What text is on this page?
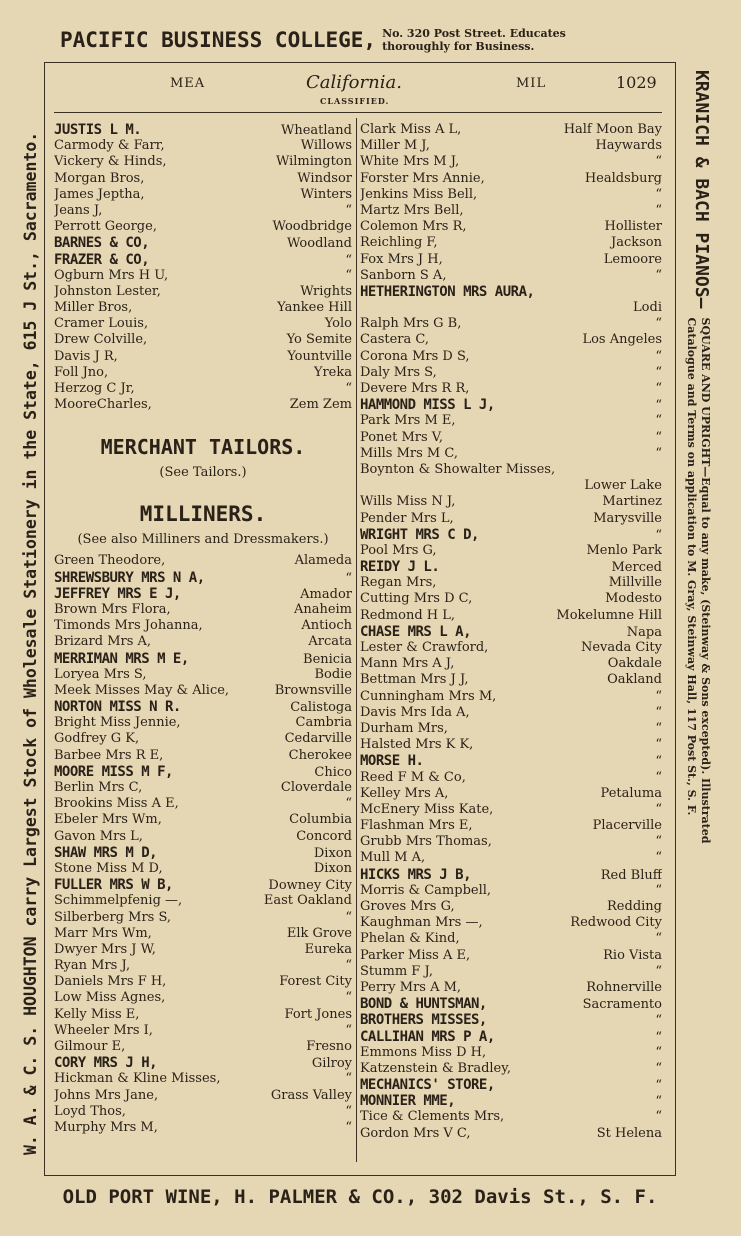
PACIFIC BUSINESS COLLEGE, No. 320 Post Street. Educates
thoroughly for Business.
MEA	California.
CLASSIFIED.
MIL	1029
JUSTIS L M.	Wheatland
Carmody & Farr,	Willows
Vickery & Hinds,	Wilmington
Morgan Bros,	Windsor
James Jeptha,	Winters
Jeans J,	“
Perrott George,	Woodbridge
BARNES & CO,	Woodland
FRAZER & CO,	“
Ogburn Mrs H U,	“
Johnston Lester,	Wrights
Miller Bros,	Yankee Hill
Cramer Louis,	Yolo
Drew Colville,	Yo Semite
Davis J R,	Yountville
Foll Jno,	Yreka
Herzog C Jr,	“
MooreCharles,	Zem Zem
MERCHANT TAILORS.
(See Tailors.)
MILLINERS.
(See also Milliners and Dressmakers.)
Green Theodore,	Alameda
SHREWSBURY MRS N A,	“
JEFFREY MRS E J,	Amador
Brown Mrs Flora,	Anaheim
Timonds Mrs Johanna,	Antioch
Brizard Mrs A,	Arcata
MERRIMAN MRS M E,	Benicia
Loryea Mrs S,	Bodie
Meek Misses May & Alice,	Brownsville
NORTON MISS N R.	Calistoga
Bright Miss Jennie,	Cambria
Godfrey G K,	Cedarville
Barbee Mrs R E,	Cherokee
MOORE MISS M F,	Chico
Berlin Mrs C,	Cloverdale
Brookins Miss A E,	“
Ebeler Mrs Wm,	Columbia
Gavon Mrs L,	Concord
SHAW MRS M D,	Dixon
Stone Miss M D,	Dixon
FULLER MRS W B,	Downey City
Schimmelpfenig —,	East Oakland
Silberberg Mrs S,	“
Marr Mrs Wm,	Elk Grove
Dwyer Mrs J W,	Eureka
Ryan Mrs J,	“
Daniels Mrs F H,	Forest City
Low Miss Agnes,	“
Kelly Miss E,	Fort Jones
Wheeler Mrs I,	“
Gilmour E,	Fresno
CORY MRS J H,	Gilroy
Hickman & Kline Misses,	“
Johns Mrs Jane,	Grass Valley
Loyd Thos,	“
Murphy Mrs M,	“
Clark Miss A L,	Half Moon Bay
Miller M J,	Haywards
White Mrs M J,	“
Forster Mrs Annie,	Healdsburg
Jenkins Miss Bell,	“
Martz Mrs Bell,	“
Colemon Mrs R,	Hollister
Reichling F,	Jackson
Fox Mrs J H,	Lemoore
Sanborn S A,	“
HETHERINGTON MRS AURA,
Lodi
Ralph Mrs G B,	“
Castera C,	Los Angeles
Corona Mrs D S,	“
Daly Mrs S,	“
Devere Mrs R R,	“
HAMMOND MISS L J,	“
Park Mrs M E,	“
Ponet Mrs V,	“
Mills Mrs M C,	“
Boynton & Showalter Misses,
Lower Lake
Wills Miss N J,	Martinez
Pender Mrs L,	Marysville
WRIGHT MRS C D,	“
Pool Mrs G,	Menlo Park
REIDY J L.	Merced
Regan Mrs,	Millville
Cutting Mrs D C,	Modesto
Redmond H L,	Mokelumne Hill
CHASE MRS L A,	Napa
Lester & Crawford,	Nevada City
Mann Mrs A J,	Oakdale
Bettman Mrs J J,	Oakland
Cunningham Mrs M,	“
Davis Mrs Ida A,	“
Durham Mrs,	“
Halsted Mrs K K,	“
MORSE H.	“
Reed F M & Co,	“
Kelley Mrs A,	Petaluma
McEnery Miss Kate,	“
Flashman Mrs E,	Placerville
Grubb Mrs Thomas,	“
Mull M A,	“
HICKS MRS J B,	Red Bluff
Morris & Campbell,	“
Groves Mrs G,	Redding
Kaughman Mrs —,	Redwood City
Phelan & Kind,	“
Parker Miss A E,	Rio Vista
Stumm F J,	“
Perry Mrs A M,	Rohnerville
BOND & HUNTSMAN,	Sacramento
BROTHERS MISSES,	“
CALLIHAN MRS P A,	“
Emmons Miss D H,	“
Katzenstein & Bradley,	“
MECHANICS' STORE,	“
MONNIER MME,	“
Tice & Clements Mrs,	“
Gordon Mrs V C,	St Helena
OLD PORT WINE, H. PALMER & CO., 302 Davis St., S. F.
W. A. & C. S. HOUGHTON carry Largest Stock of Wholesale Stationery in the State, 615 J St., Sacramento.	KRANICH & BACH PIANOS— SQUARE AND UPRIGHT—Equal to any make, (Steinway & Sons excepted). Illustrated
Catalogue and Terms on application to M. Gray, Steinway Hall, 117 Post St., S. F.
